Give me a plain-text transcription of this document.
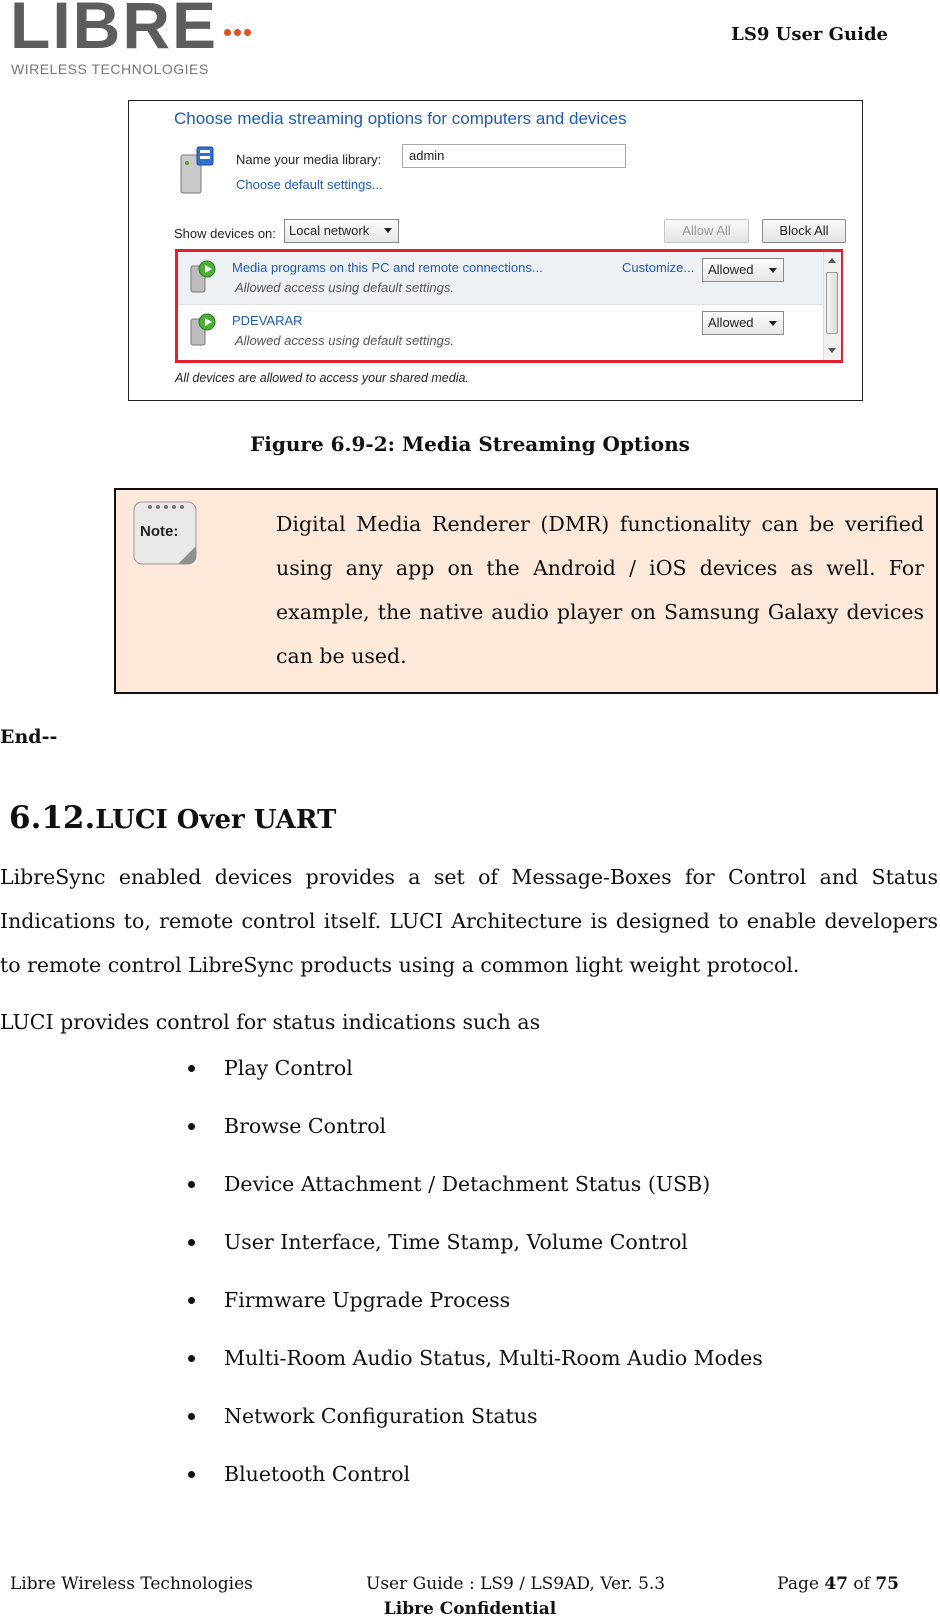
LIBRE
WIRELESS TECHNOLOGIES
LS9 User Guide
Choose media streaming options for computers and devices
Name your media library:	admin
Choose default settings...
Show devices on:	Local network	Allow All	Block All
Media programs on this PC and remote connections...
Allowed access using default settings.
Customize...	Allowed
PDEVARAR
Allowed access using default settings.
Allowed
All devices are allowed to access your shared media.
Figure 6.9-2: Media Streaming Options
Note:	Digital Media Renderer (DMR) functionality can be verified using any app on the Android / iOS devices as well. For example, the native audio player on Samsung Galaxy devices can be used.
End--
6.12.LUCI Over UART
LibreSync enabled devices provides a set of Message-Boxes for Control and Status Indications to, remote control itself. LUCI Architecture is designed to enable developers to remote control LibreSync products using a common light weight protocol.
LUCI provides control for status indications such as
Play Control
Browse Control
Device Attachment / Detachment Status (USB)
User Interface, Time Stamp, Volume Control
Firmware Upgrade Process
Multi-Room Audio Status, Multi-Room Audio Modes
Network Configuration Status
Bluetooth Control
Libre Wireless Technologies	User Guide : LS9 / LS9AD, Ver. 5.3	Page 47 of 75
Libre Confidential
